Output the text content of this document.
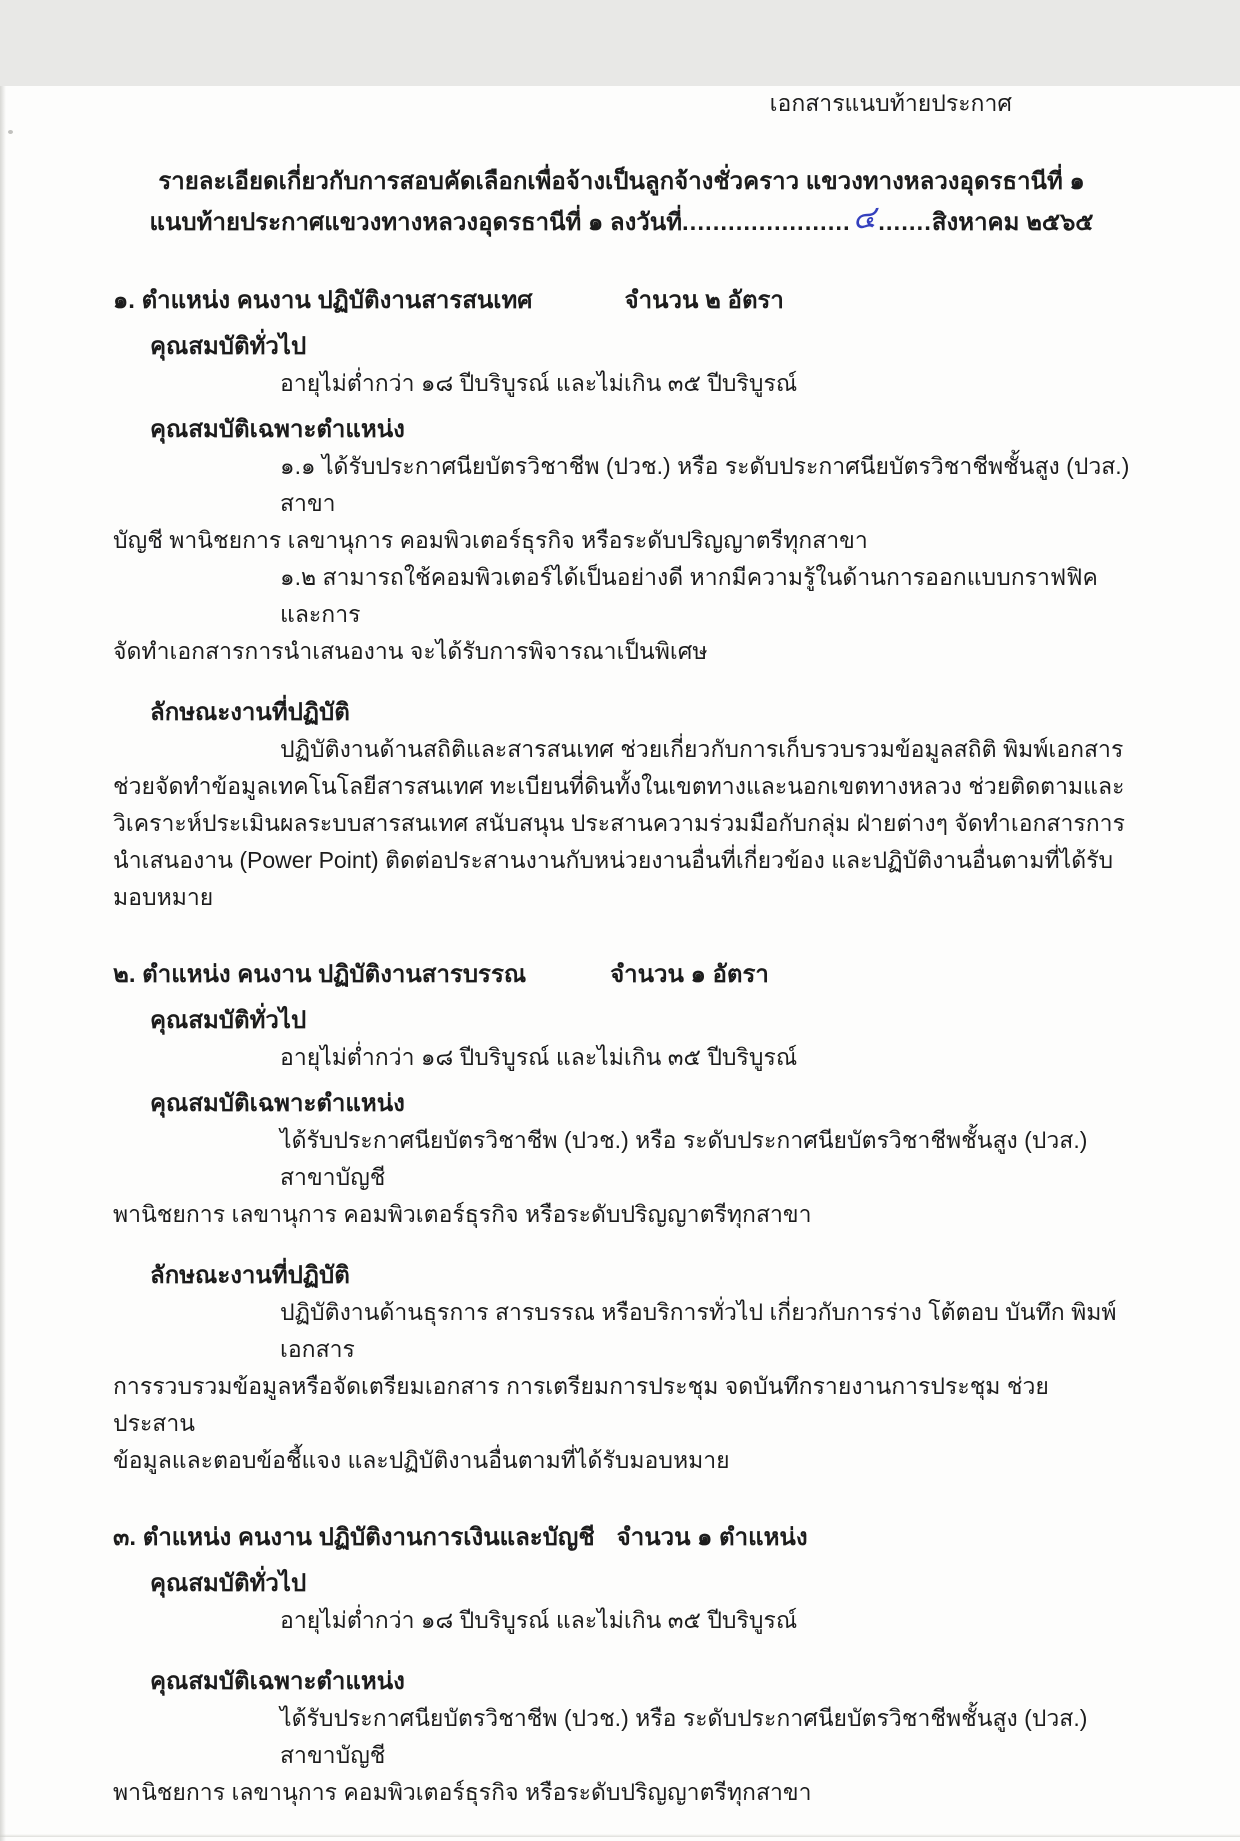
เอกสารแนบท้ายประกาศ
รายละเอียดเกี่ยวกับการสอบคัดเลือกเพื่อจ้างเป็นลูกจ้างชั่วคราว แขวงทางหลวงอุดรธานีที่ ๑
แนบท้ายประกาศแขวงทางหลวงอุดรธานีที่ ๑ ลงวันที่......................๔.......สิงหาคม ๒๕๖๕
๑. ตำแหน่ง คนงาน ปฏิบัติงานสารสนเทศ	จำนวน ๒ อัตรา
คุณสมบัติทั่วไป
อายุไม่ต่ำกว่า ๑๘ ปีบริบูรณ์ และไม่เกิน ๓๕ ปีบริบูรณ์
คุณสมบัติเฉพาะตำแหน่ง
๑.๑ ได้รับประกาศนียบัตรวิชาชีพ (ปวช.) หรือ ระดับประกาศนียบัตรวิชาชีพชั้นสูง (ปวส.) สาขา
บัญชี พานิชยการ เลขานุการ คอมพิวเตอร์ธุรกิจ หรือระดับปริญญาตรีทุกสาขา
๑.๒ สามารถใช้คอมพิวเตอร์ได้เป็นอย่างดี หากมีความรู้ในด้านการออกแบบกราฟฟิค และการ
จัดทำเอกสารการนำเสนองาน จะได้รับการพิจารณาเป็นพิเศษ
ลักษณะงานที่ปฏิบัติ
ปฏิบัติงานด้านสถิติและสารสนเทศ ช่วยเกี่ยวกับการเก็บรวบรวมข้อมูลสถิติ พิมพ์เอกสาร
ช่วยจัดทำข้อมูลเทคโนโลยีสารสนเทศ ทะเบียนที่ดินทั้งในเขตทางและนอกเขตทางหลวง ช่วยติดตามและ
วิเคราะห์ประเมินผลระบบสารสนเทศ สนับสนุน ประสานความร่วมมือกับกลุ่ม ฝ่ายต่างๆ จัดทำเอกสารการ
นำเสนองาน (Power Point) ติดต่อประสานงานกับหน่วยงานอื่นที่เกี่ยวข้อง และปฏิบัติงานอื่นตามที่ได้รับ
มอบหมาย
๒. ตำแหน่ง คนงาน ปฏิบัติงานสารบรรณ	จำนวน ๑ อัตรา
คุณสมบัติทั่วไป
อายุไม่ต่ำกว่า ๑๘ ปีบริบูรณ์ และไม่เกิน ๓๕ ปีบริบูรณ์
คุณสมบัติเฉพาะตำแหน่ง
ได้รับประกาศนียบัตรวิชาชีพ (ปวช.) หรือ ระดับประกาศนียบัตรวิชาชีพชั้นสูง (ปวส.) สาขาบัญชี
พานิชยการ เลขานุการ คอมพิวเตอร์ธุรกิจ หรือระดับปริญญาตรีทุกสาขา
ลักษณะงานที่ปฏิบัติ
ปฏิบัติงานด้านธุรการ สารบรรณ หรือบริการทั่วไป เกี่ยวกับการร่าง โต้ตอบ บันทึก พิมพ์เอกสาร
การรวบรวมข้อมูลหรือจัดเตรียมเอกสาร การเตรียมการประชุม จดบันทึกรายงานการประชุม ช่วยประสาน
ข้อมูลและตอบข้อชี้แจง และปฏิบัติงานอื่นตามที่ได้รับมอบหมาย
๓. ตำแหน่ง คนงาน ปฏิบัติงานการเงินและบัญชี จำนวน ๑ ตำแหน่ง
คุณสมบัติทั่วไป
อายุไม่ต่ำกว่า ๑๘ ปีบริบูรณ์ และไม่เกิน ๓๕ ปีบริบูรณ์
คุณสมบัติเฉพาะตำแหน่ง
ได้รับประกาศนียบัตรวิชาชีพ (ปวช.) หรือ ระดับประกาศนียบัตรวิชาชีพชั้นสูง (ปวส.) สาขาบัญชี
พานิชยการ เลขานุการ คอมพิวเตอร์ธุรกิจ หรือระดับปริญญาตรีทุกสาขา
